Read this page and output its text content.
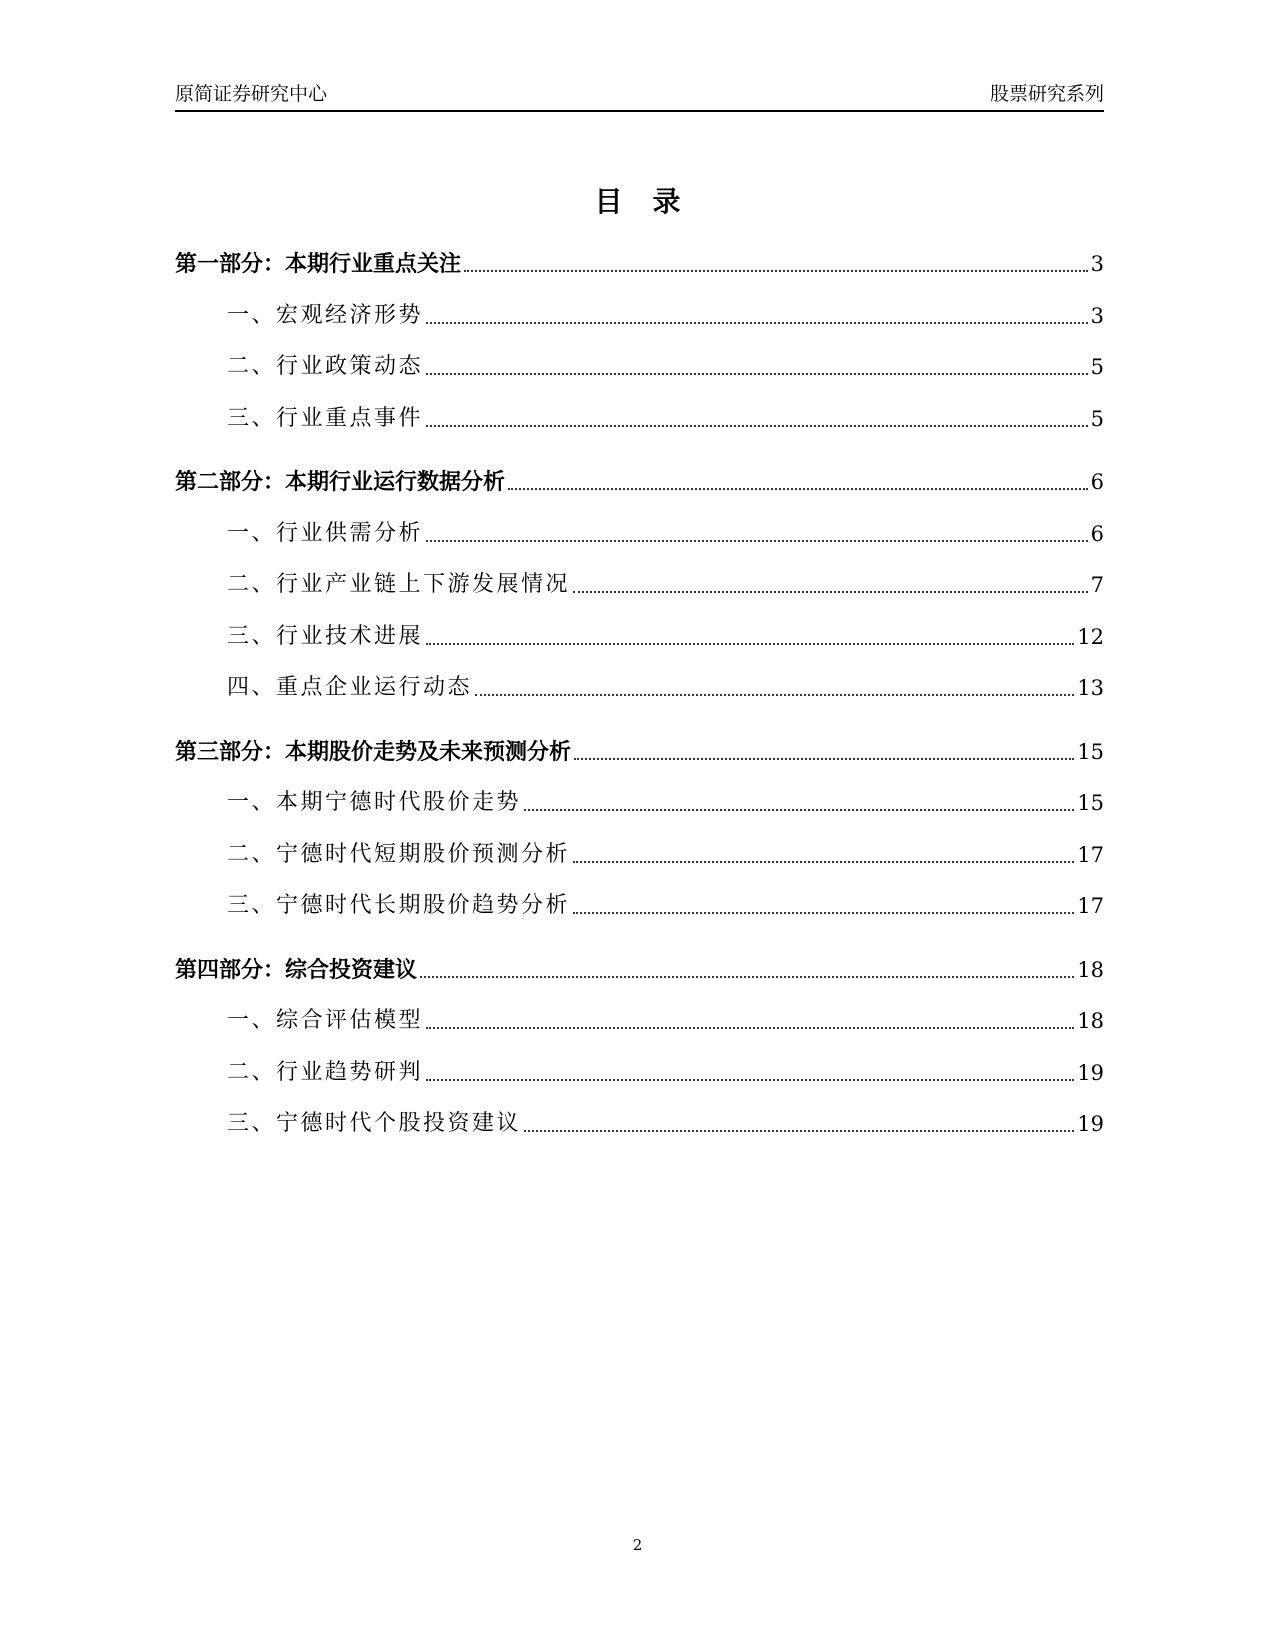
原简证券研究中心	股票研究系列
目录
第一部分：本期行业重点关注	3
一、宏观经济形势	3
二、行业政策动态	5
三、行业重点事件	5
第二部分：本期行业运行数据分析	6
一、行业供需分析	6
二、行业产业链上下游发展情况	7
三、行业技术进展	12
四、重点企业运行动态	13
第三部分：本期股价走势及未来预测分析	15
一、本期宁德时代股价走势	15
二、宁德时代短期股价预测分析	17
三、宁德时代长期股价趋势分析	17
第四部分：综合投资建议	18
一、综合评估模型	18
二、行业趋势研判	19
三、宁德时代个股投资建议	19
2
